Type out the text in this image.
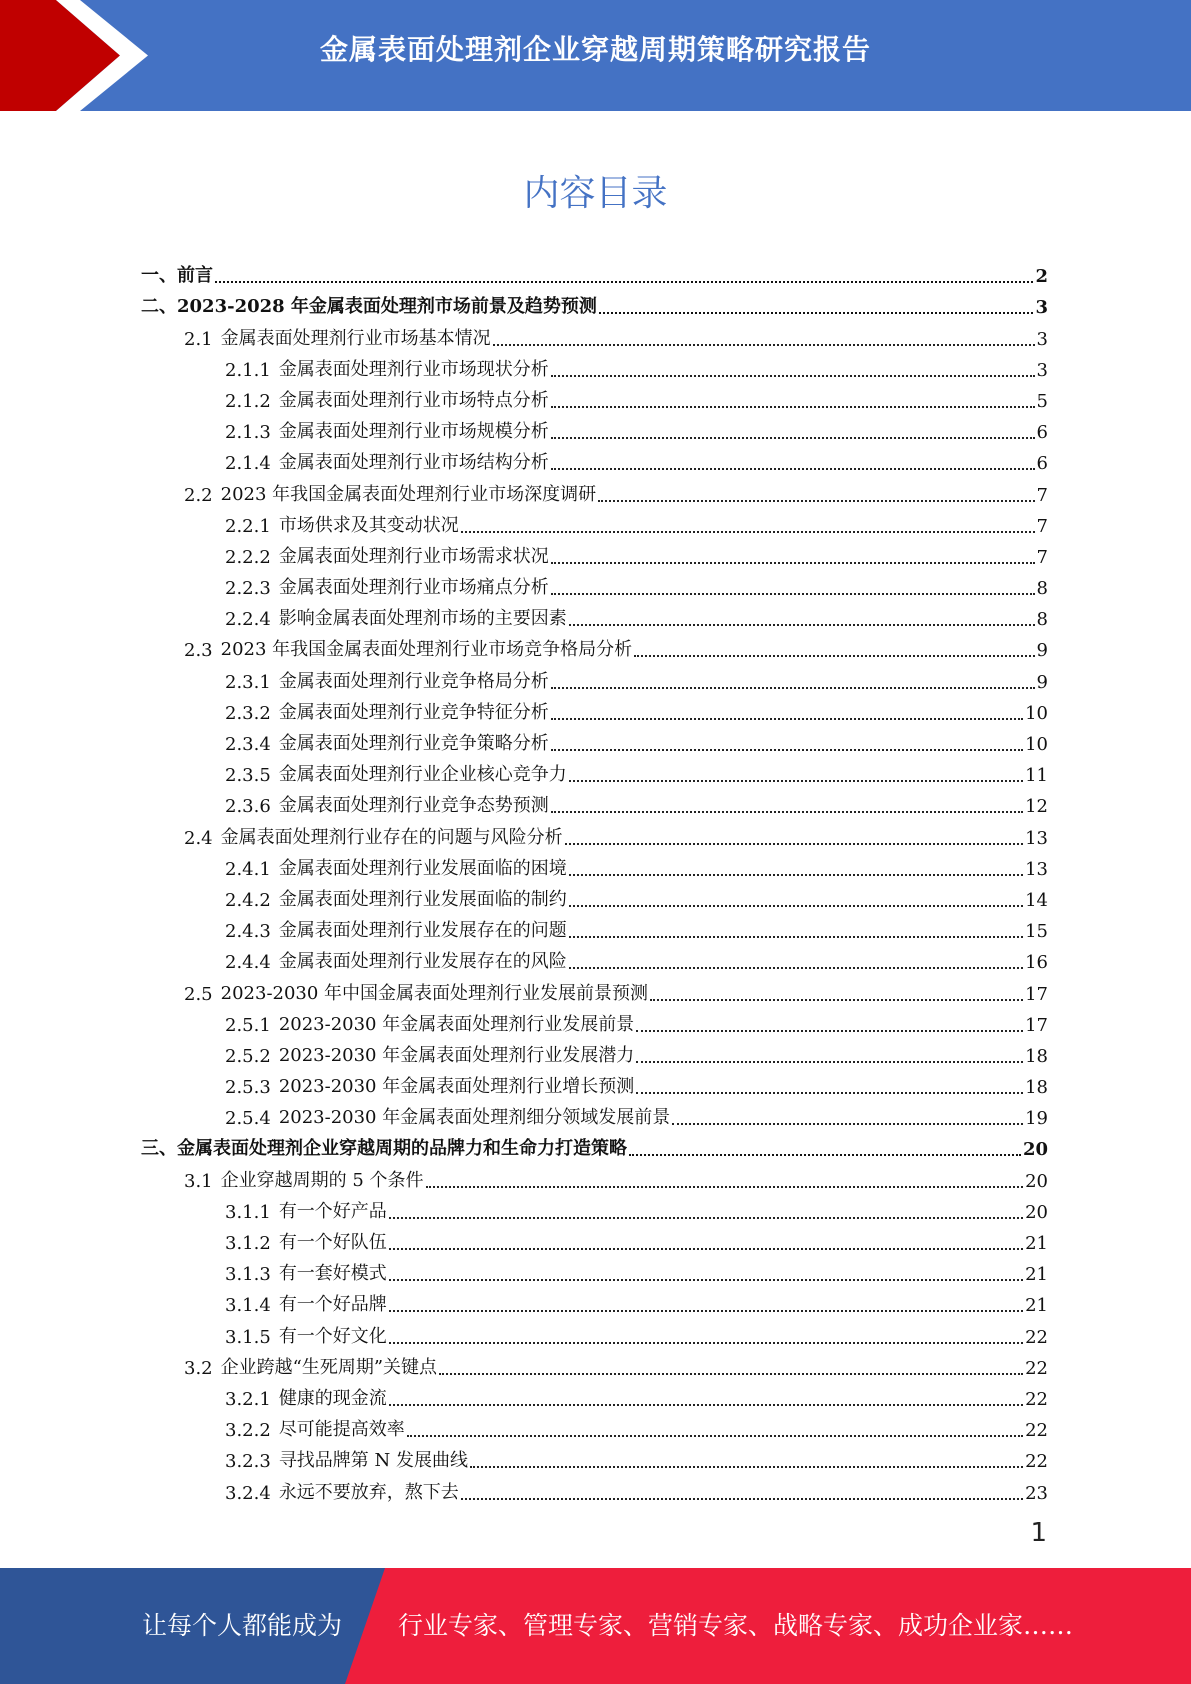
金属表面处理剂企业穿越周期策略研究报告
内容目录
一、 前言	2
二、 2023-2028 年金属表面处理剂市场前景及趋势预测	3
2.1 金属表面处理剂行业市场基本情况	3
2.1.1 金属表面处理剂行业市场现状分析	3
2.1.2 金属表面处理剂行业市场特点分析	5
2.1.3 金属表面处理剂行业市场规模分析	6
2.1.4 金属表面处理剂行业市场结构分析	6
2.2 2023 年我国金属表面处理剂行业市场深度调研	7
2.2.1 市场供求及其变动状况	7
2.2.2 金属表面处理剂行业市场需求状况	7
2.2.3 金属表面处理剂行业市场痛点分析	8
2.2.4 影响金属表面处理剂市场的主要因素	8
2.3 2023 年我国金属表面处理剂行业市场竞争格局分析	9
2.3.1 金属表面处理剂行业竞争格局分析	9
2.3.2 金属表面处理剂行业竞争特征分析	10
2.3.4 金属表面处理剂行业竞争策略分析	10
2.3.5 金属表面处理剂行业企业核心竞争力	11
2.3.6 金属表面处理剂行业竞争态势预测	12
2.4 金属表面处理剂行业存在的问题与风险分析	13
2.4.1 金属表面处理剂行业发展面临的困境	13
2.4.2 金属表面处理剂行业发展面临的制约	14
2.4.3 金属表面处理剂行业发展存在的问题	15
2.4.4 金属表面处理剂行业发展存在的风险	16
2.5 2023-2030 年中国金属表面处理剂行业发展前景预测	17
2.5.1 2023-2030 年金属表面处理剂行业发展前景	17
2.5.2 2023-2030 年金属表面处理剂行业发展潜力	18
2.5.3 2023-2030 年金属表面处理剂行业增长预测	18
2.5.4 2023-2030 年金属表面处理剂细分领域发展前景	19
三、 金属表面处理剂企业穿越周期的品牌力和生命力打造策略	20
3.1 企业穿越周期的 5 个条件	20
3.1.1 有一个好产品	20
3.1.2 有一个好队伍	21
3.1.3 有一套好模式	21
3.1.4 有一个好品牌	21
3.1.5 有一个好文化	22
3.2 企业跨越“生死周期”关键点	22
3.2.1 健康的现金流	22
3.2.2 尽可能提高效率	22
3.2.3 寻找品牌第 N 发展曲线	22
3.2.4 永远不要放弃，熬下去	23
1
让每个人都能成为 行业专家、管理专家、营销专家、战略专家、成功企业家……
